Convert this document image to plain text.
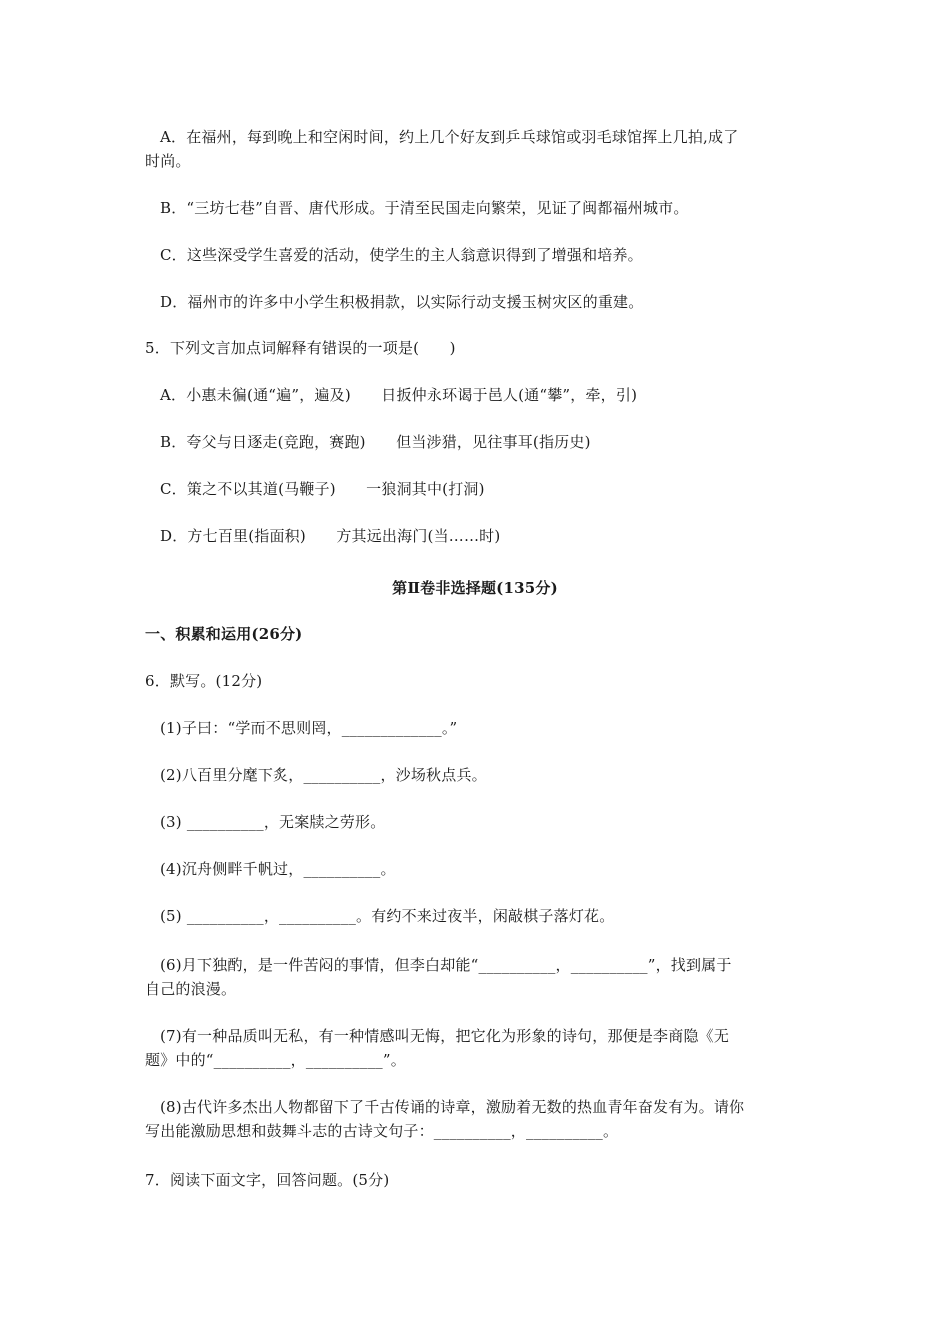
A．在福州，每到晚上和空闲时间，约上几个好友到乒乓球馆或羽毛球馆挥上几拍,成了
时尚。
B．“三坊七巷”自晋、唐代形成。于清至民国走向繁荣，见证了闽都福州城市。
C．这些深受学生喜爱的活动，使学生的主人翁意识得到了增强和培养。
D．福州市的许多中小学生积极捐款，以实际行动支援玉树灾区的重建。
5．下列文言加点词解释有错误的一项是(　　)
A．小惠未徧(通“遍”，遍及)　　日扳仲永环谒于邑人(通“攀”，牵，引)
B．夸父与日逐走(竞跑，赛跑)　　但当涉猎，见往事耳(指历史)
C．策之不以其道(马鞭子)　　一狼洞其中(打洞)
D．方七百里(指面积)　　方其远出海门(当……时)
第Ⅱ卷非选择题(135分)
一、积累和运用(26分)
6．默写。(12分)
(1)子曰：“学而不思则罔，_____________。”
(2)八百里分麾下炙，__________，沙场秋点兵。
(3) __________，无案牍之劳形。
(4)沉舟侧畔千帆过，__________。
(5) __________，__________。有约不来过夜半，闲敲棋子落灯花。
(6)月下独酌，是一件苦闷的事情，但李白却能“__________，__________”，找到属于
自己的浪漫。
(7)有一种品质叫无私，有一种情感叫无悔，把它化为形象的诗句，那便是李商隐《无
题》中的“__________，__________”。
(8)古代许多杰出人物都留下了千古传诵的诗章，激励着无数的热血青年奋发有为。请你
写出能激励思想和鼓舞斗志的古诗文句子：__________，__________。
7．阅读下面文字，回答问题。(5分)
